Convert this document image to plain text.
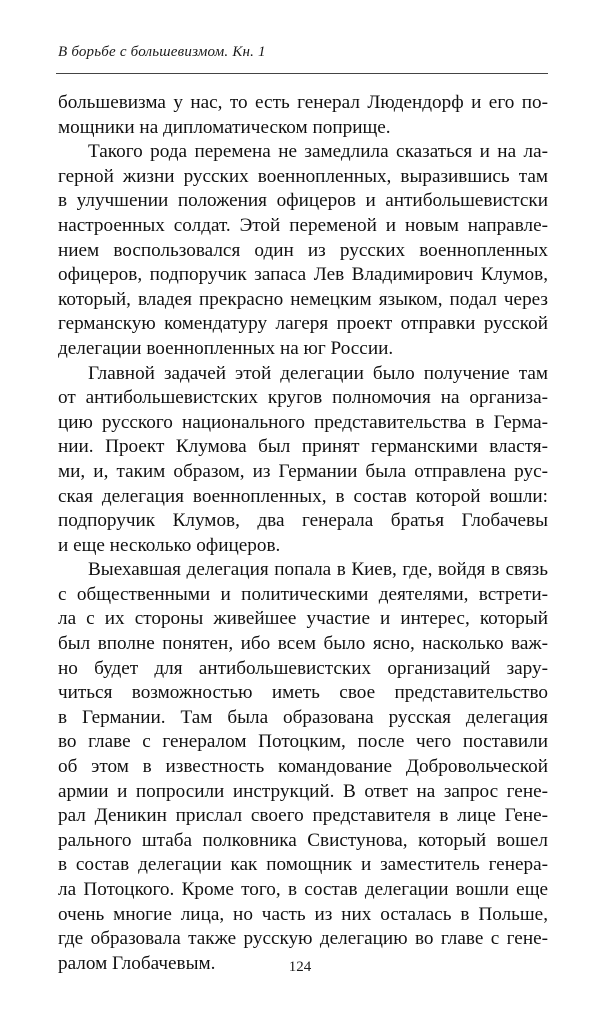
В борьбе с большевизмом. Кн. 1

большевизма у нас, то есть генерал Людендорф и его по-
мощники на дипломатическом поприще.

Такого рода перемена не замедлила сказаться и на ла-
герной жизни русских военнопленных, выразившись там
в улучшении положения офицеров и антибольшевистски
настроенных солдат. Этой переменой и новым направле-
нием воспользовался один из русских военнопленных
офицеров, подпоручик запаса Лев Владимирович Клумов,
который, владея прекрасно немецким языком, подал через
германскую комендатуру лагеря проект отправки русской
делегации военнопленных на юг России.

Главной задачей этой делегации было получение там
от антибольшевистских кругов полномочия на организа-
цию русского национального представительства в Герма-
нии. Проект Клумова был принят германскими властя-
ми, и, таким образом, из Германии была отправлена рус-
ская делегация военнопленных, в состав которой вошли:
подпоручик Клумов, два генерала братья Глобачевы
и еще несколько офицеров.

Выехавшая делегация попала в Киев, где, войдя в связь
с общественными и политическими деятелями, встрети-
ла с их стороны живейшее участие и интерес, который
был вполне понятен, ибо всем было ясно, насколько важ-
но будет для антибольшевистских организаций зару-
читься возможностью иметь свое представительство
в Германии. Там была образована русская делегация
во главе с генералом Потоцким, после чего поставили
об этом в известность командование Добровольческой
армии и попросили инструкций. В ответ на запрос гене-
рал Деникин прислал своего представителя в лице Гене-
рального штаба полковника Свистунова, который вошел
в состав делегации как помощник и заместитель генера-
ла Потоцкого. Кроме того, в состав делегации вошли еще
очень многие лица, но часть из них осталась в Польше,
где образовала также русскую делегацию во главе с гене-
ралом Глобачевым.	124
